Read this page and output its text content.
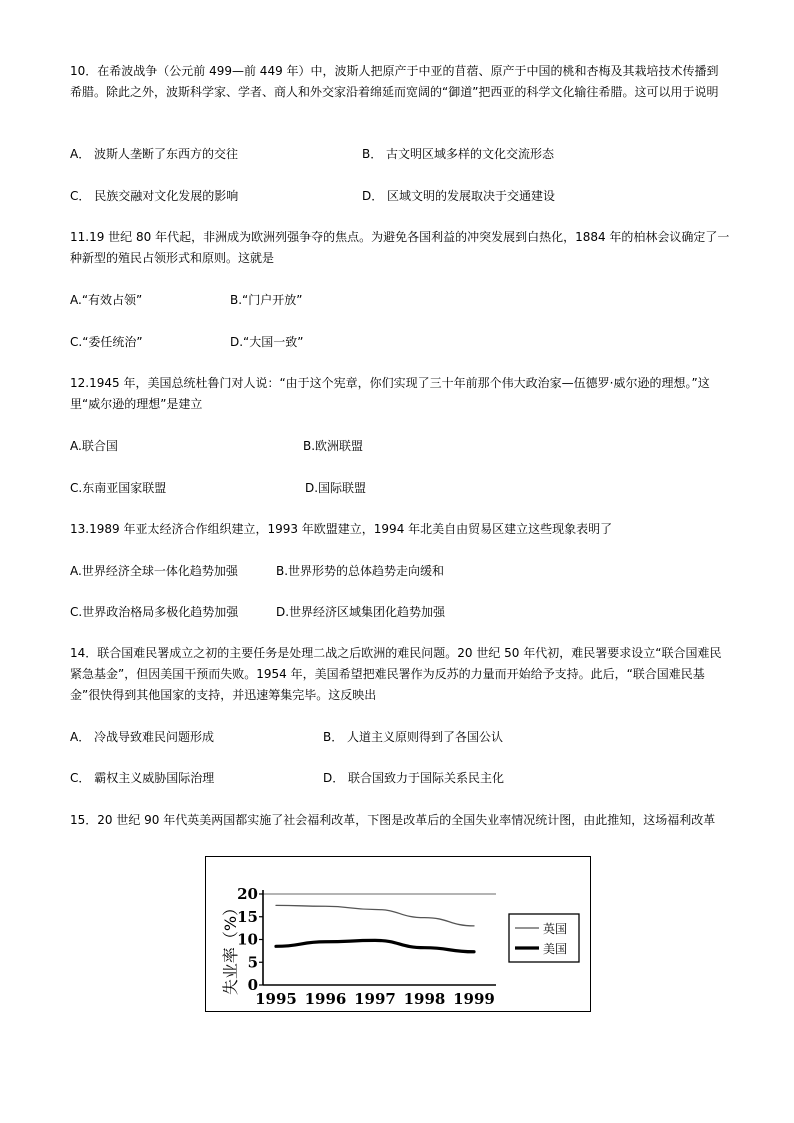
10．在希波战争（公元前 499—前 449 年）中，波斯人把原产于中亚的苜蓿、原产于中国的桃和杏梅及其栽培技术传播到希腊。除此之外，波斯科学家、学者、商人和外交家沿着绵延而宽阔的“御道”把西亚的科学文化输往希腊。这可以用于说明

A． 波斯人垄断了东西方的交往	B． 古文明区域多样的文化交流形态
C． 民族交融对文化发展的影响	D． 区域文明的发展取决于交通建设

11.19 世纪 80 年代起，非洲成为欧洲列强争夺的焦点。为避免各国利益的冲突发展到白热化，1884 年的柏林会议确定了一种新型的殖民占领形式和原则。这就是

A.“有效占领”	B.“门户开放”
C.“委任统治”	D.“大国一致”

12.1945 年，美国总统杜鲁门对人说：“由于这个宪章，你们实现了三十年前那个伟大政治家—伍德罗·威尔逊的理想。”这里“威尔逊的理想”是建立

A.联合国	B.欧洲联盟
C.东南亚国家联盟	D.国际联盟

13.1989 年亚太经济合作组织建立，1993 年欧盟建立，1994 年北美自由贸易区建立这些现象表明了

A.世界经济全球一体化趋势加强	B.世界形势的总体趋势走向缓和
C.世界政治格局多极化趋势加强	D.世界经济区域集团化趋势加强

14．联合国难民署成立之初的主要任务是处理二战之后欧洲的难民问题。20 世纪 50 年代初，难民署要求设立“联合国难民紧急基金”，但因美国干预而失败。1954 年，美国希望把难民署作为反苏的力量而开始给予支持。此后，“联合国难民基金”很快得到其他国家的支持，并迅速筹集完毕。这反映出

A． 冷战导致难民问题形成	B． 人道主义原则得到了各国公认
C． 霸权主义威胁国际治理	D． 联合国致力于国际关系民主化

15．20 世纪 90 年代英美两国都实施了社会福利改革，下图是改革后的全国失业率情况统计图，由此推知，这场福利改革

0
5
10
15
20
1995 1996 1997 1998 1999
失业率（%）	英国
美国
